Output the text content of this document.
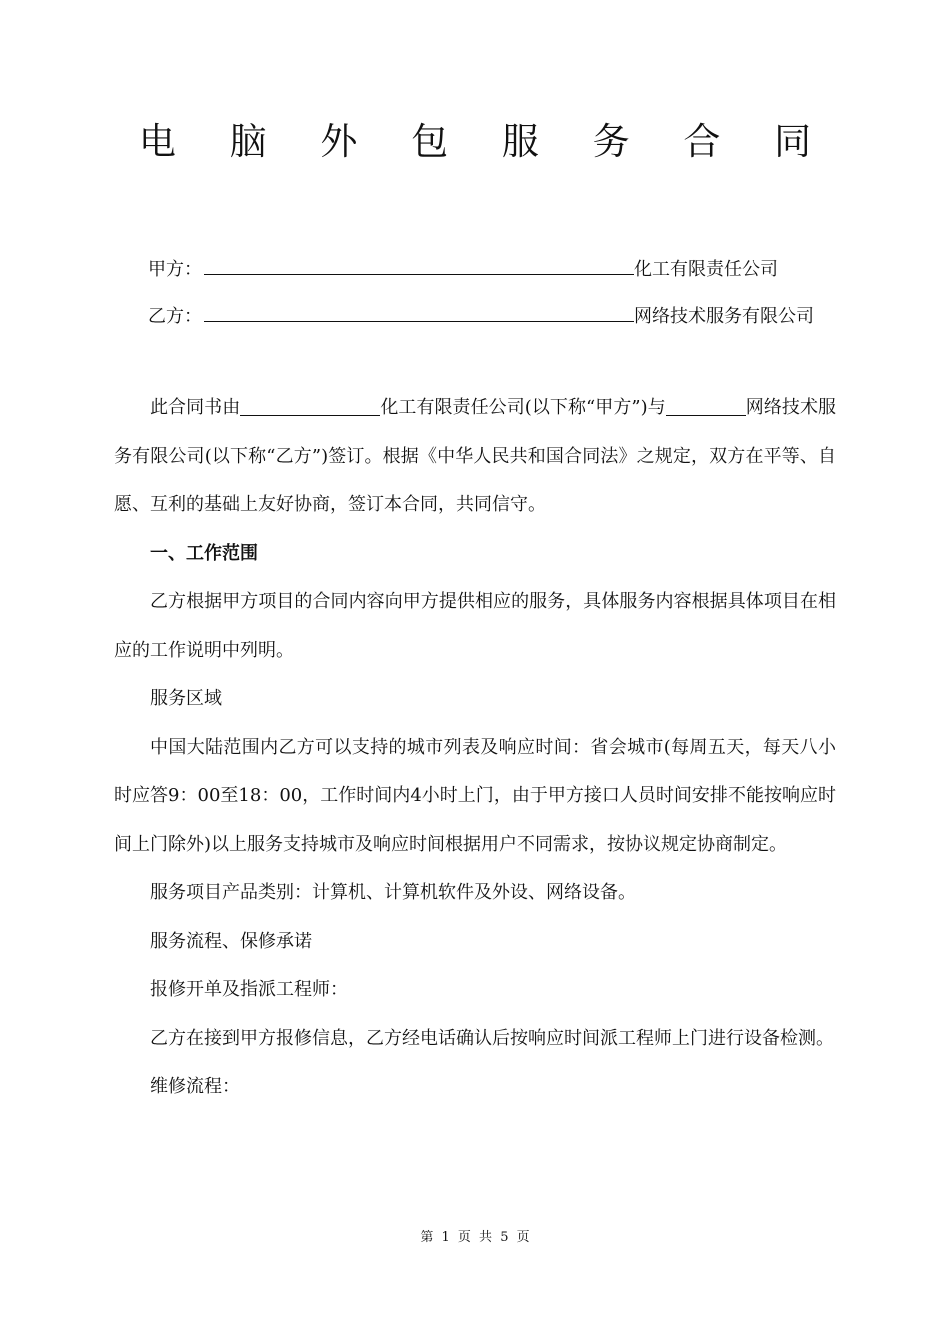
电 脑 外 包 服 务 合 同
甲方：	化工有限责任公司
乙方：	网络技术服务有限公司

此合同书由	化工有限责任公司(以下称“甲方”)与	网络技术服务有限公司(以下称“乙方”)签订。根据《中华人民共和国合同法》之规定，双方在平等、自愿、互利的基础上友好协商，签订本合同，共同信守。

一、工作范围

乙方根据甲方项目的合同内容向甲方提供相应的服务，具体服务内容根据具体项目在相应的工作说明中列明。

服务区域

中国大陆范围内乙方可以支持的城市列表及响应时间：省会城市(每周五天，每天八小时应答9：00至18：00，工作时间内4小时上门，由于甲方接口人员时间安排不能按响应时间上门除外)以上服务支持城市及响应时间根据用户不同需求，按协议规定协商制定。

服务项目产品类别：计算机、计算机软件及外设、网络设备。

服务流程、保修承诺

报修开单及指派工程师：

乙方在接到甲方报修信息，乙方经电话确认后按响应时间派工程师上门进行设备检测。

维修流程：

第 1 页 共 5 页
